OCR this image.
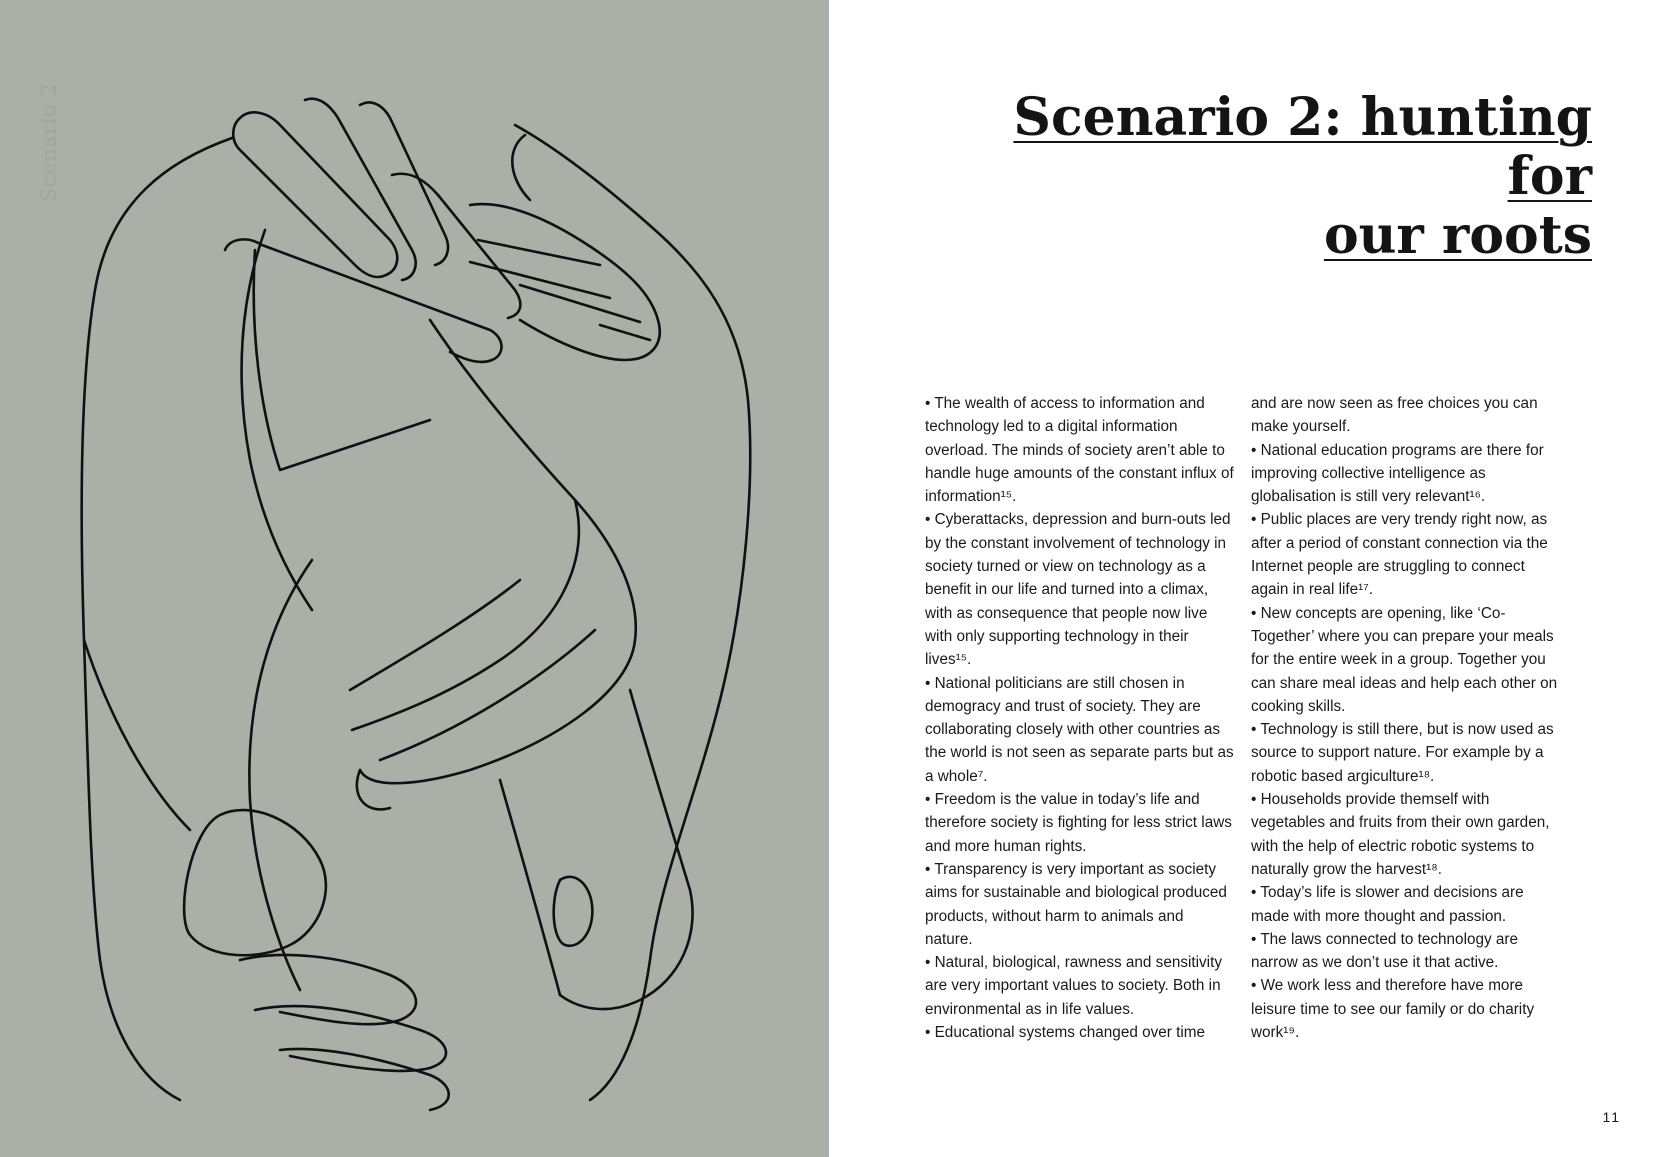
Scenario 2	Scenario 2: hunting for
our roots

• The wealth of access to information and technology led to a digital information overload. The minds of society aren’t able to handle huge amounts of the constant influx of information¹⁵.

• Cyberattacks, depression and burn-outs led by the constant involvement of technology in society turned or view on technology as a benefit in our life and turned into a climax, with as consequence that people now live with only supporting technology in their lives¹⁵.

• National politicians are still chosen in demogracy and trust of society. They are collaborating closely with other countries as the world is not seen as separate parts but as a whole⁷.

• Freedom is the value in today’s life and therefore society is fighting for less strict laws and more human rights.

• Transparency is very important as society aims for sustainable and biological produced products, without harm to animals and nature.

• Natural, biological, rawness and sensitivity are very important values to society. Both in environmental as in life values.

• Educational systems changed over time

and are now seen as free choices you can make yourself.

• National education programs are there for improving collective intelligence as globalisation is still very relevant¹⁶.

• Public places are very trendy right now, as after a period of constant connection via the Internet people are struggling to connect again in real life¹⁷.

• New concepts are opening, like ‘Co-Together’ where you can prepare your meals for the entire week in a group. Together you can share meal ideas and help each other on cooking skills.

• Technology is still there, but is now used as source to support nature. For example by a robotic based argiculture¹⁸.

• Households provide themself with vegetables and fruits from their own garden, with the help of electric robotic systems to naturally grow the harvest¹⁸.

• Today’s life is slower and decisions are made with more thought and passion.

• The laws connected to technology are narrow as we don’t use it that active.

• We work less and therefore have more leisure time to see our family or do charity work¹⁹.

11
